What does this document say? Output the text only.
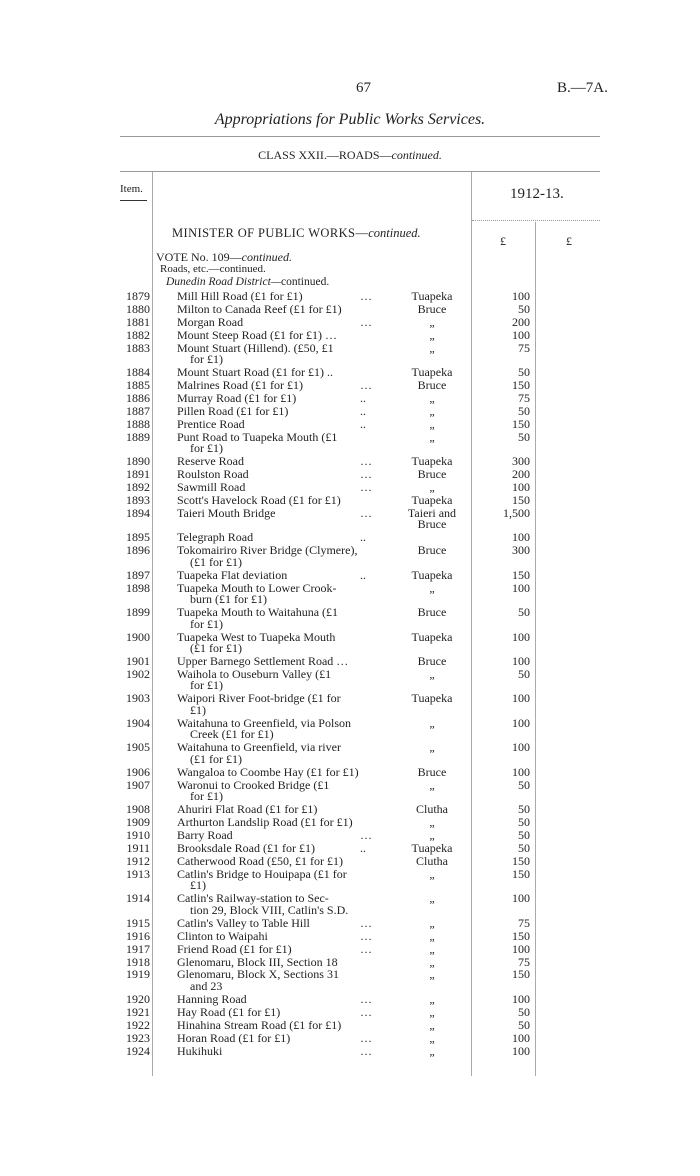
67	B.—7A.
Appropriations for Public Works Services.
CLASS XXII.—ROADS—continued.
Item.	1912-13.
MINISTER OF PUBLIC WORKS—continued.
£	£
VOTE No. 109—continued.
Roads, etc.—continued.
Dunedin Road District—continued.
1879 Mill Hill Road (£1 for £1)	…	Tuapeka	100
1880 Milton to Canada Reef (£1 for £1)	Bruce	50
1881 Morgan Road	…	„	200
1882 Mount Steep Road (£1 for £1) …	„	100
1883 Mount Stuart (Hillend). (£50, £1	„	75
for £1)
1884 Mount Stuart Road (£1 for £1) ..	Tuapeka	50
1885 Malrines Road (£1 for £1)	…	Bruce	150
1886 Murray Road (£1 for £1)	..	„	75
1887 Pillen Road (£1 for £1)	..	„	50
1888 Prentice Road	..	„	150
1889 Punt Road to Tuapeka Mouth (£1	„	50
for £1)
1890 Reserve Road	…	Tuapeka	300
1891 Roulston Road	…	Bruce	200
1892 Sawmill Road	…	„	100
1893 Scott's Havelock Road (£1 for £1)	Tuapeka	150
1894 Taieri Mouth Bridge	…	Taieri and	1,500
Bruce
1895 Telegraph Road	..	100
1896 Tokomairiro River Bridge (Clymere),	Bruce	300
(£1 for £1)
1897 Tuapeka Flat deviation	..	Tuapeka	150
1898 Tuapeka Mouth to Lower Crook-	„	100
burn (£1 for £1)
1899 Tuapeka Mouth to Waitahuna (£1	Bruce	50
for £1)
1900 Tuapeka West to Tuapeka Mouth	Tuapeka	100
(£1 for £1)
1901 Upper Barnego Settlement Road …	Bruce	100
1902 Waihola to Ouseburn Valley (£1	„	50
for £1)
1903 Waipori River Foot-bridge (£1 for	Tuapeka	100
£1)
1904 Waitahuna to Greenfield, via Polson	„	100
Creek (£1 for £1)
1905 Waitahuna to Greenfield, via river	„	100
(£1 for £1)
1906 Wangaloa to Coombe Hay (£1 for £1)	Bruce	100
1907 Waronui to Crooked Bridge (£1	„	50
for £1)
1908 Ahuriri Flat Road (£1 for £1)	Clutha	50
1909 Arthurton Landslip Road (£1 for £1)	„	50
1910 Barry Road	…	„	50
1911 Brooksdale Road (£1 for £1)	..	Tuapeka	50
1912 Catherwood Road (£50, £1 for £1)	Clutha	150
1913 Catlin's Bridge to Houipapa (£1 for	„	150
£1)
1914 Catlin's Railway-station to Sec-	„	100
tion 29, Block VIII, Catlin's S.D.
1915 Catlin's Valley to Table Hill	…	„	75
1916 Clinton to Waipahi	…	„	150
1917 Friend Road (£1 for £1)	…	„	100
1918 Glenomaru, Block III, Section 18	„	75
1919 Glenomaru, Block X, Sections 31	„	150
and 23
1920 Hanning Road	…	„	100
1921 Hay Road (£1 for £1)	…	„	50
1922 Hinahina Stream Road (£1 for £1)	„	50
1923 Horan Road (£1 for £1)	…	„	100
1924 Hukihuki	…	„	100
